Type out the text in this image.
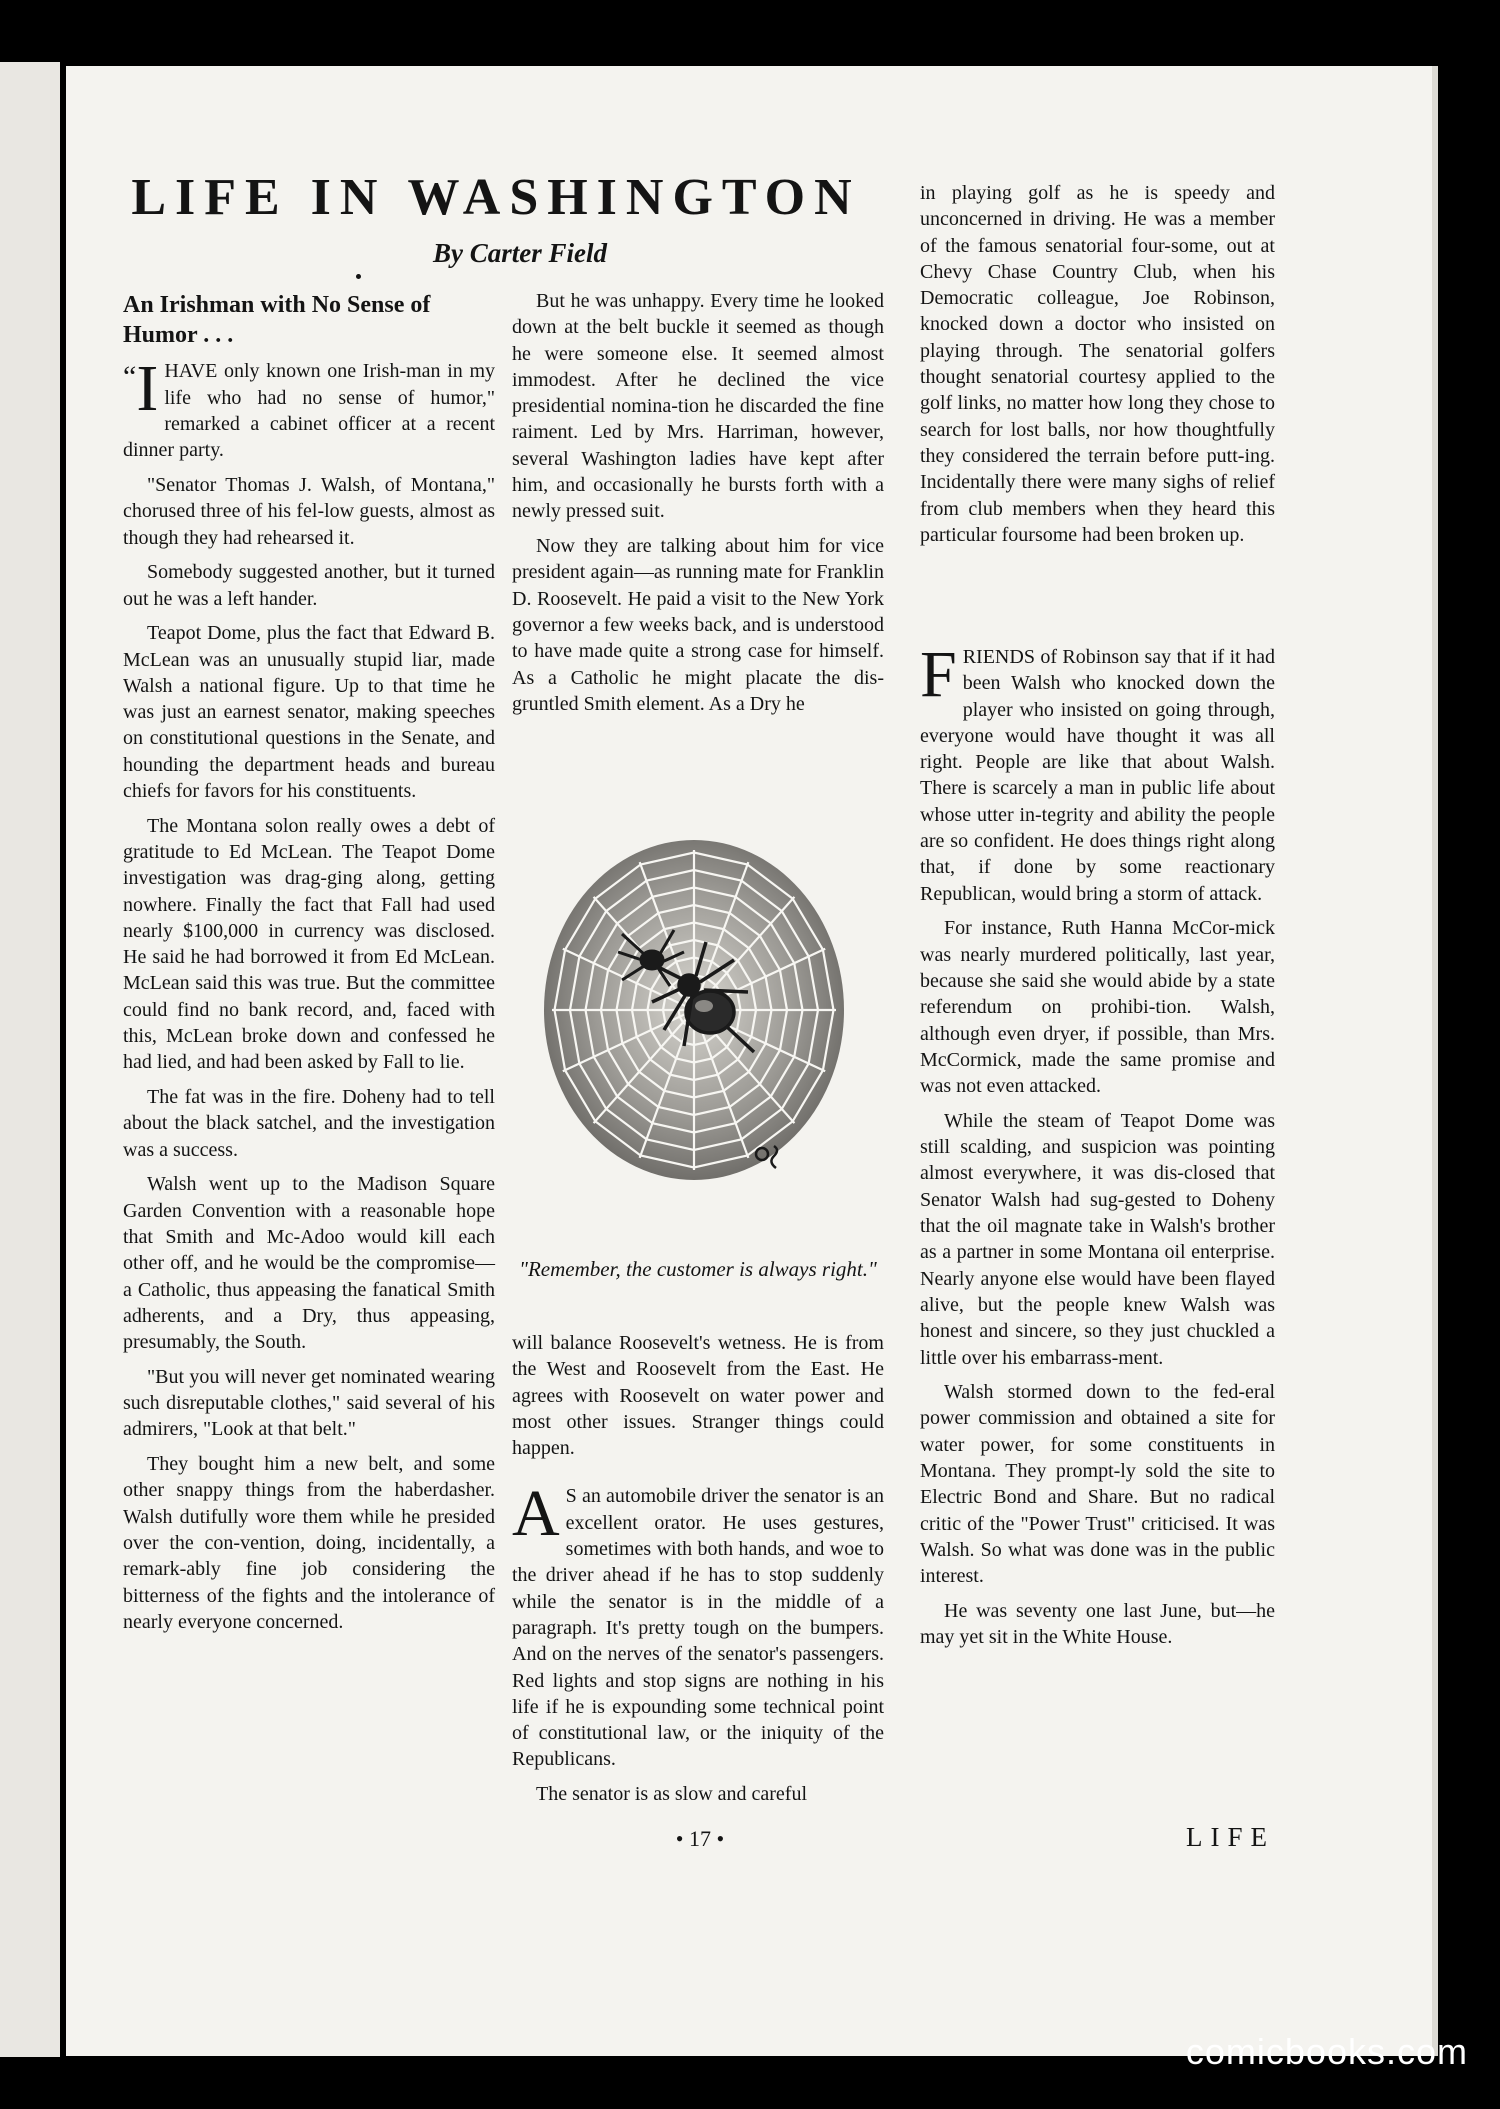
LIFE IN WASHINGTON

By Carter Field

An Irishman with No Sense of Humor . . .

“ IHAVE only known one Irish-man in my life who had no sense of humor," remarked a cabinet officer at a recent dinner party.

"Senator Thomas J. Walsh, of Montana," chorused three of his fel-low guests, almost as though they had rehearsed it.

Somebody suggested another, but it turned out he was a left hander.

Teapot Dome, plus the fact that Edward B. McLean was an unusually stupid liar, made Walsh a national figure. Up to that time he was just an earnest senator, making speeches on constitutional questions in the Senate, and hounding the department heads and bureau chiefs for favors for his constituents.

The Montana solon really owes a debt of gratitude to Ed McLean. The Teapot Dome investigation was drag-ging along, getting nowhere. Finally the fact that Fall had used nearly $100,000 in currency was disclosed. He said he had borrowed it from Ed McLean. McLean said this was true. But the committee could find no bank record, and, faced with this, McLean broke down and confessed he had lied, and had been asked by Fall to lie.

The fat was in the fire. Doheny had to tell about the black satchel, and the investigation was a success.

Walsh went up to the Madison Square Garden Convention with a reasonable hope that Smith and Mc-Adoo would kill each other off, and he would be the compromise—a Catholic, thus appeasing the fanatical Smith adherents, and a Dry, thus appeasing, presumably, the South.

"But you will never get nominated wearing such disreputable clothes," said several of his admirers, "Look at that belt."

They bought him a new belt, and some other snappy things from the haberdasher. Walsh dutifully wore them while he presided over the con-vention, doing, incidentally, a remark-ably fine job considering the bitterness of the fights and the intolerance of nearly everyone concerned.

But he was unhappy. Every time he looked down at the belt buckle it seemed as though he were someone else. It seemed almost immodest. After he declined the vice presidential nomina-tion he discarded the fine raiment. Led by Mrs. Harriman, however, several Washington ladies have kept after him, and occasionally he bursts forth with a newly pressed suit.

Now they are talking about him for vice president again—as running mate for Franklin D. Roosevelt. He paid a visit to the New York governor a few weeks back, and is understood to have made quite a strong case for himself. As a Catholic he might placate the dis-gruntled Smith element. As a Dry he

"Remember, the customer is always right."

will balance Roosevelt's wetness. He is from the West and Roosevelt from the East. He agrees with Roosevelt on water power and most other issues. Stranger things could happen.

A S an automobile driver the senator is an excellent orator. He uses gestures, sometimes with both hands, and woe to the driver ahead if he has to stop suddenly while the senator is in the middle of a paragraph. It's pretty tough on the bumpers. And on the nerves of the senator's passengers. Red lights and stop signs are nothing in his life if he is expounding some technical point of constitutional law, or the iniquity of the Republicans.

The senator is as slow and careful

in playing golf as he is speedy and unconcerned in driving. He was a member of the famous senatorial four-some, out at Chevy Chase Country Club, when his Democratic colleague, Joe Robinson, knocked down a doctor who insisted on playing through. The senatorial golfers thought senatorial courtesy applied to the golf links, no matter how long they chose to search for lost balls, nor how thoughtfully they considered the terrain before putt-ing. Incidentally there were many sighs of relief from club members when they heard this particular foursome had been broken up.

FRIENDS of Robinson say that if it had been Walsh who knocked down the player who insisted on going through, everyone would have thought it was all right. People are like that about Walsh. There is scarcely a man in public life about whose utter in-tegrity and ability the people are so confident. He does things right along that, if done by some reactionary Republican, would bring a storm of attack.

For instance, Ruth Hanna McCor-mick was nearly murdered politically, last year, because she said she would abide by a state referendum on prohibi-tion. Walsh, although even dryer, if possible, than Mrs. McCormick, made the same promise and was not even attacked.

While the steam of Teapot Dome was still scalding, and suspicion was pointing almost everywhere, it was dis-closed that Senator Walsh had sug-gested to Doheny that the oil magnate take in Walsh's brother as a partner in some Montana oil enterprise. Nearly anyone else would have been flayed alive, but the people knew Walsh was honest and sincere, so they just chuckled a little over his embarrass-ment.

Walsh stormed down to the fed-eral power commission and obtained a site for water power, for some constituents in Montana. They prompt-ly sold the site to Electric Bond and Share. But no radical critic of the "Power Trust" criticised. It was Walsh. So what was done was in the public interest.

He was seventy one last June, but—he may yet sit in the White House.

• 17 •	LIFE

comicbooks.com
